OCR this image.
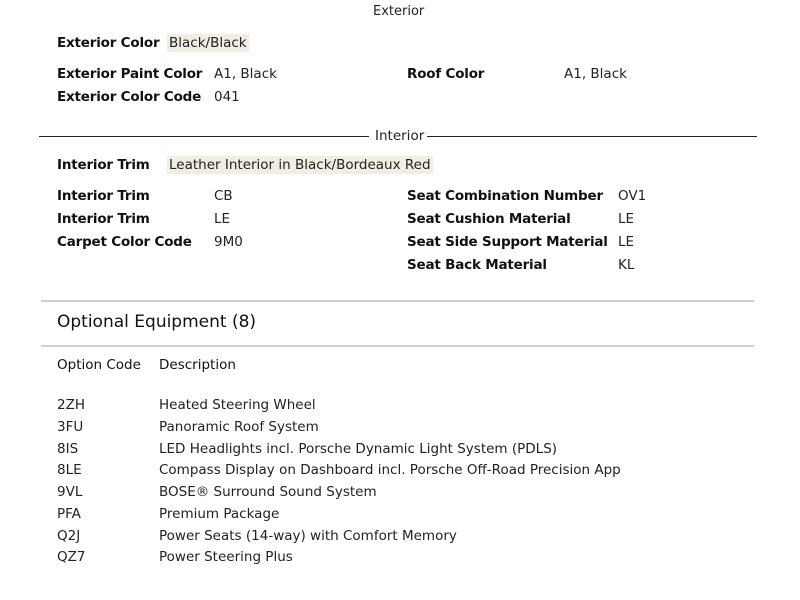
Exterior
Exterior Color Black/Black
Exterior Paint Color A1, Black
Exterior Color Code 041
Roof Color	A1, Black
Interior
Interior Trim Leather Interior in Black/Bordeaux Red
Interior Trim	CB
Interior Trim	LE
Carpet Color Code 9M0
Seat Combination Number OV1
Seat Cushion Material	LE
Seat Side Support Material LE
Seat Back Material	KL
Optional Equipment (8)
Option Code Description
2ZH	Heated Steering Wheel
3FU	Panoramic Roof System
8IS	LED Headlights incl. Porsche Dynamic Light System (PDLS)
8LE	Compass Display on Dashboard incl. Porsche Off-Road Precision App
9VL	BOSE® Surround Sound System
PFA	Premium Package
Q2J	Power Seats (14-way) with Comfort Memory
QZ7	Power Steering Plus
